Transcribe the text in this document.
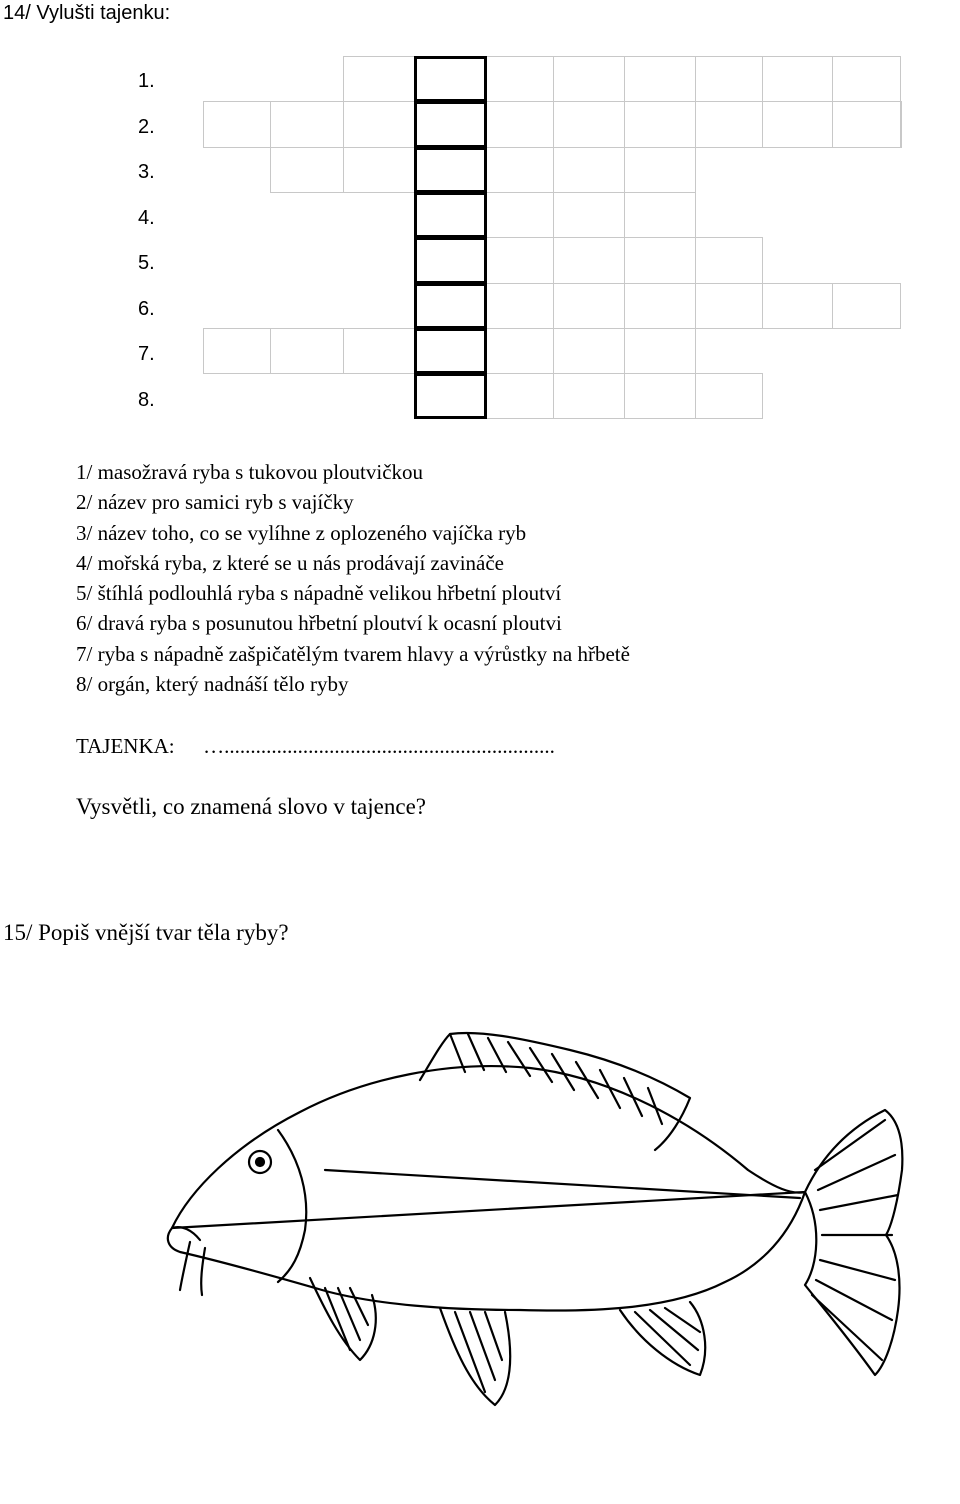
14/ Vylušti tajenku:
1.
2.
3.
4.
5.
6.
7.
8.
1/ masožravá ryba s tukovou ploutvičkou
2/ název pro samici ryb s vajíčky
3/ název toho, co se vylíhne z oplozeného vajíčka ryb
4/ mořská ryba, z které se u nás prodávají zavináče
5/ štíhlá podlouhlá ryba s nápadně velikou hřbetní ploutví
6/ dravá ryba s posunutou hřbetní ploutví k ocasní ploutvi
7/ ryba s nápadně zašpičatělým tvarem hlavy a výrůstky na hřbetě
8/ orgán, který nadnáší tělo ryby
TAJENKA: …...............................................................
Vysvětli, co znamená slovo v tajence?
15/ Popiš vnější tvar těla ryby?
